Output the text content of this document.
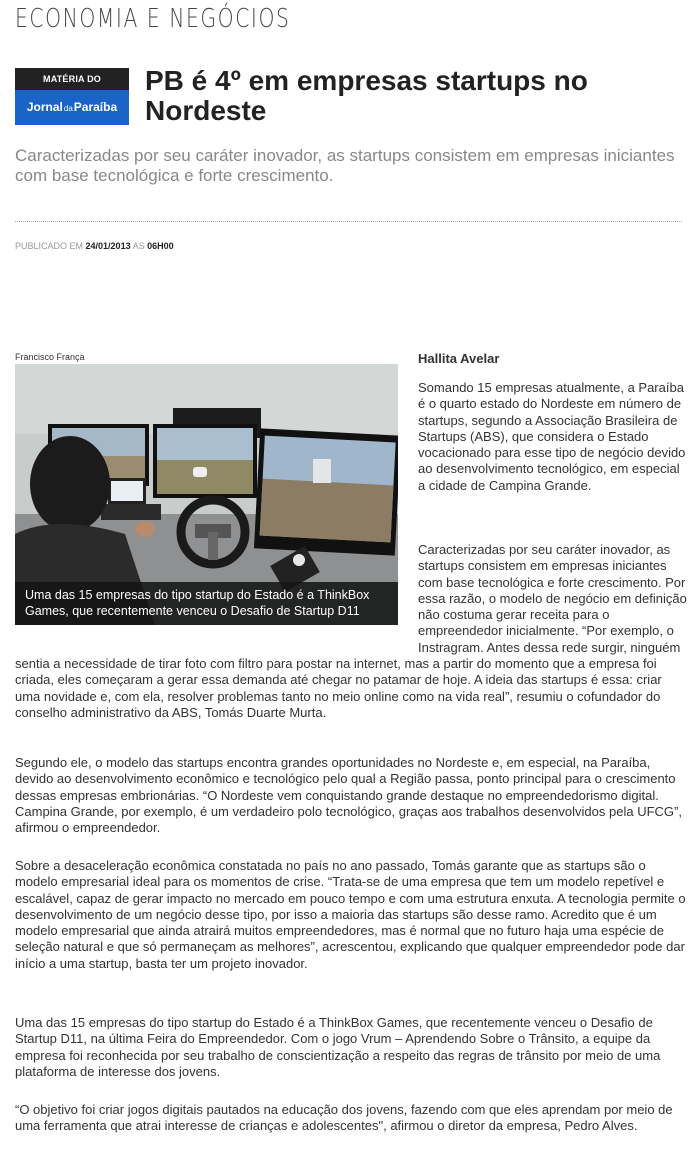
ECONOMIA E NEGÓCIOS
MATÉRIA DO
JornaldaParaíba
PB é 4º em empresas startups no Nordeste
Caracterizadas por seu caráter inovador, as startups consistem em empresas iniciantes com base tecnológica e forte crescimento.
PUBLICADO EM 24/01/2013 AS 06H00
Francisco França
Uma das 15 empresas do tipo startup do Estado é a ThinkBox Games, que recentemente venceu o Desafio de Startup D11
Hallita Avelar

Somando 15 empresas atualmente, a Paraíba é o quarto estado do Nordeste em número de startups, segundo a Associação Brasileira de Startups (ABS), que considera o Estado vocacionado para esse tipo de negócio devido ao desenvolvimento tecnológico, em especial a cidade de Campina Grande.

Caracterizadas por seu caráter inovador, as startups consistem em empresas iniciantes com base tecnológica e forte crescimento. Por essa razão, o modelo de negócio em definição não costuma gerar receita para o empreendedor inicialmente. “Por exemplo, o Instragram. Antes dessa rede surgir, ninguém sentia a necessidade de tirar foto com filtro para postar na internet, mas a partir do momento que a empresa foi criada, eles começaram a gerar essa demanda até chegar no patamar de hoje. A ideia das startups é essa: criar uma novidade e, com ela, resolver problemas tanto no meio online como na vida real”, resumiu o cofundador do conselho administrativo da ABS, Tomás Duarte Murta.

Segundo ele, o modelo das startups encontra grandes oportunidades no Nordeste e, em especial, na Paraíba, devido ao desenvolvimento econômico e tecnológico pelo qual a Região passa, ponto principal para o crescimento dessas empresas embrionárias. “O Nordeste vem conquistando grande destaque no empreendedorismo digital. Campina Grande, por exemplo, é um verdadeiro polo tecnológico, graças aos trabalhos desenvolvidos pela UFCG”, afirmou o empreendedor.

Sobre a desaceleração econômica constatada no país no ano passado, Tomás garante que as startups são o modelo empresarial ideal para os momentos de crise. “Trata-se de uma empresa que tem um modelo repetível e escalável, capaz de gerar impacto no mercado em pouco tempo e com uma estrutura enxuta. A tecnologia permite o desenvolvimento de um negócio desse tipo, por isso a maioria das startups são desse ramo. Acredito que é um modelo empresarial que ainda atrairá muitos empreendedores, mas é normal que no futuro haja uma espécie de seleção natural e que só permaneçam as melhores”, acrescentou, explicando que qualquer empreendedor pode dar início a uma startup, basta ter um projeto inovador.

Uma das 15 empresas do tipo startup do Estado é a ThinkBox Games, que recentemente venceu o Desafio de Startup D11, na última Feira do Empreendedor. Com o jogo Vrum – Aprendendo Sobre o Trânsito, a equipe da empresa foi reconhecida por seu trabalho de conscientização a respeito das regras de trânsito por meio de uma plataforma de interesse dos jovens.

“O objetivo foi criar jogos digitais pautados na educação dos jovens, fazendo com que eles aprendam por meio de uma ferramenta que atrai interesse de crianças e adolescentes", afirmou o diretor da empresa, Pedro Alves.
